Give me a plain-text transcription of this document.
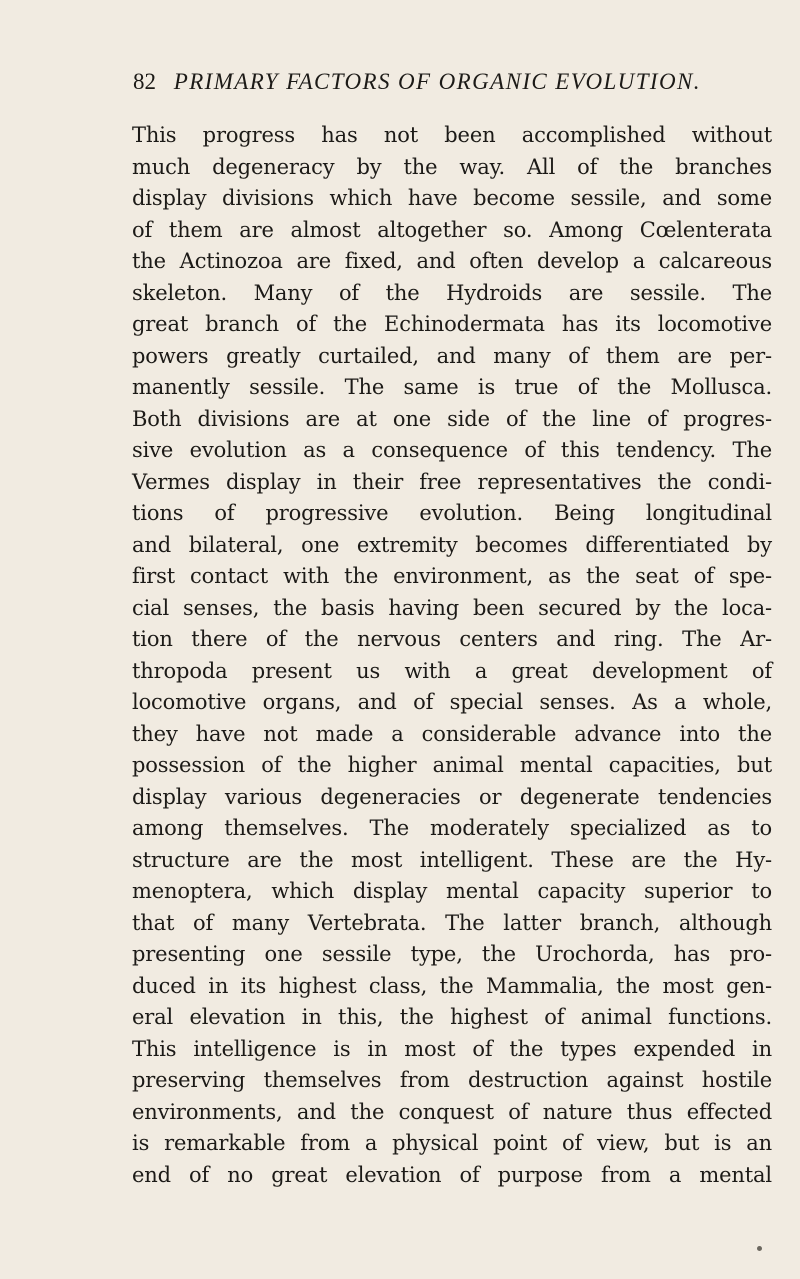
82 PRIMARY FACTORS OF ORGANIC EVOLUTION.
This progress has not been accomplished without
much degeneracy by the way. All of the branches
display divisions which have become sessile, and some
of them are almost altogether so. Among Cœlenterata
the Actinozoa are fixed, and often develop a calcareous
skeleton. Many of the Hydroids are sessile. The
great branch of the Echinodermata has its locomotive
powers greatly curtailed, and many of them are per-
manently sessile. The same is true of the Mollusca.
Both divisions are at one side of the line of progres-
sive evolution as a consequence of this tendency. The
Vermes display in their free representatives the condi-
tions of progressive evolution. Being longitudinal
and bilateral, one extremity becomes differentiated by
first contact with the environment, as the seat of spe-
cial senses, the basis having been secured by the loca-
tion there of the nervous centers and ring. The Ar-
thropoda present us with a great development of
locomotive organs, and of special senses. As a whole,
they have not made a considerable advance into the
possession of the higher animal mental capacities, but
display various degeneracies or degenerate tendencies
among themselves. The moderately specialized as to
structure are the most intelligent. These are the Hy-
menoptera, which display mental capacity superior to
that of many Vertebrata. The latter branch, although
presenting one sessile type, the Urochorda, has pro-
duced in its highest class, the Mammalia, the most gen-
eral elevation in this, the highest of animal functions.
This intelligence is in most of the types expended in
preserving themselves from destruction against hostile
environments, and the conquest of nature thus effected
is remarkable from a physical point of view, but is an
end of no great elevation of purpose from a mental
